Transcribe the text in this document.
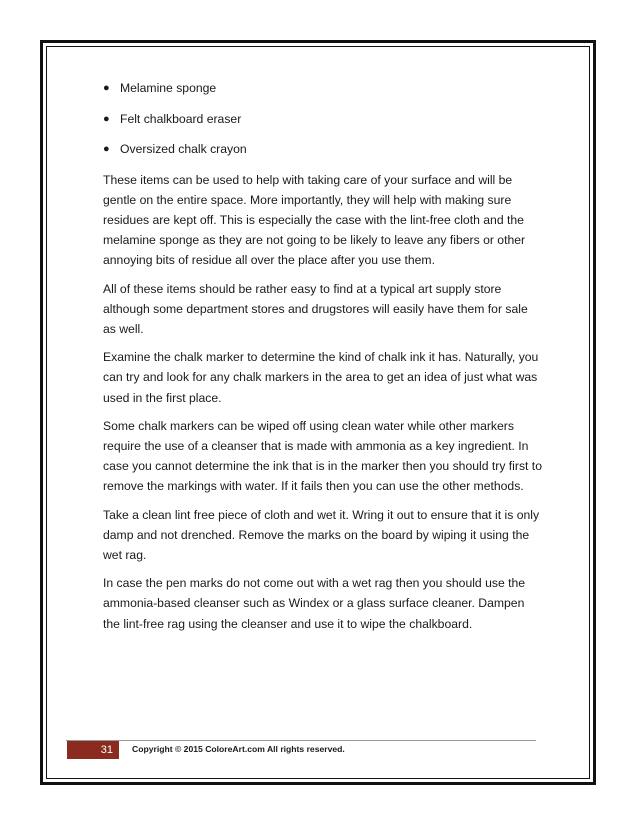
● Melamine sponge
● Felt chalkboard eraser
● Oversized chalk crayon

These items can be used to help with taking care of your surface and will be gentle on the entire space. More importantly, they will help with making sure residues are kept off. This is especially the case with the lint-free cloth and the melamine sponge as they are not going to be likely to leave any fibers or other annoying bits of residue all over the place after you use them.

All of these items should be rather easy to find at a typical art supply store although some department stores and drugstores will easily have them for sale as well.

Examine the chalk marker to determine the kind of chalk ink it has. Naturally, you can try and look for any chalk markers in the area to get an idea of just what was used in the first place.

Some chalk markers can be wiped off using clean water while other markers require the use of a cleanser that is made with ammonia as a key ingredient. In case you cannot determine the ink that is in the marker then you should try first to remove the markings with water. If it fails then you can use the other methods.

Take a clean lint free piece of cloth and wet it. Wring it out to ensure that it is only damp and not drenched. Remove the marks on the board by wiping it using the wet rag.

In case the pen marks do not come out with a wet rag then you should use the ammonia-based cleanser such as Windex or a glass surface cleaner. Dampen the lint-free rag using the cleanser and use it to wipe the chalkboard.

31	Copyright © 2015 ColoreArt.com All rights reserved.
